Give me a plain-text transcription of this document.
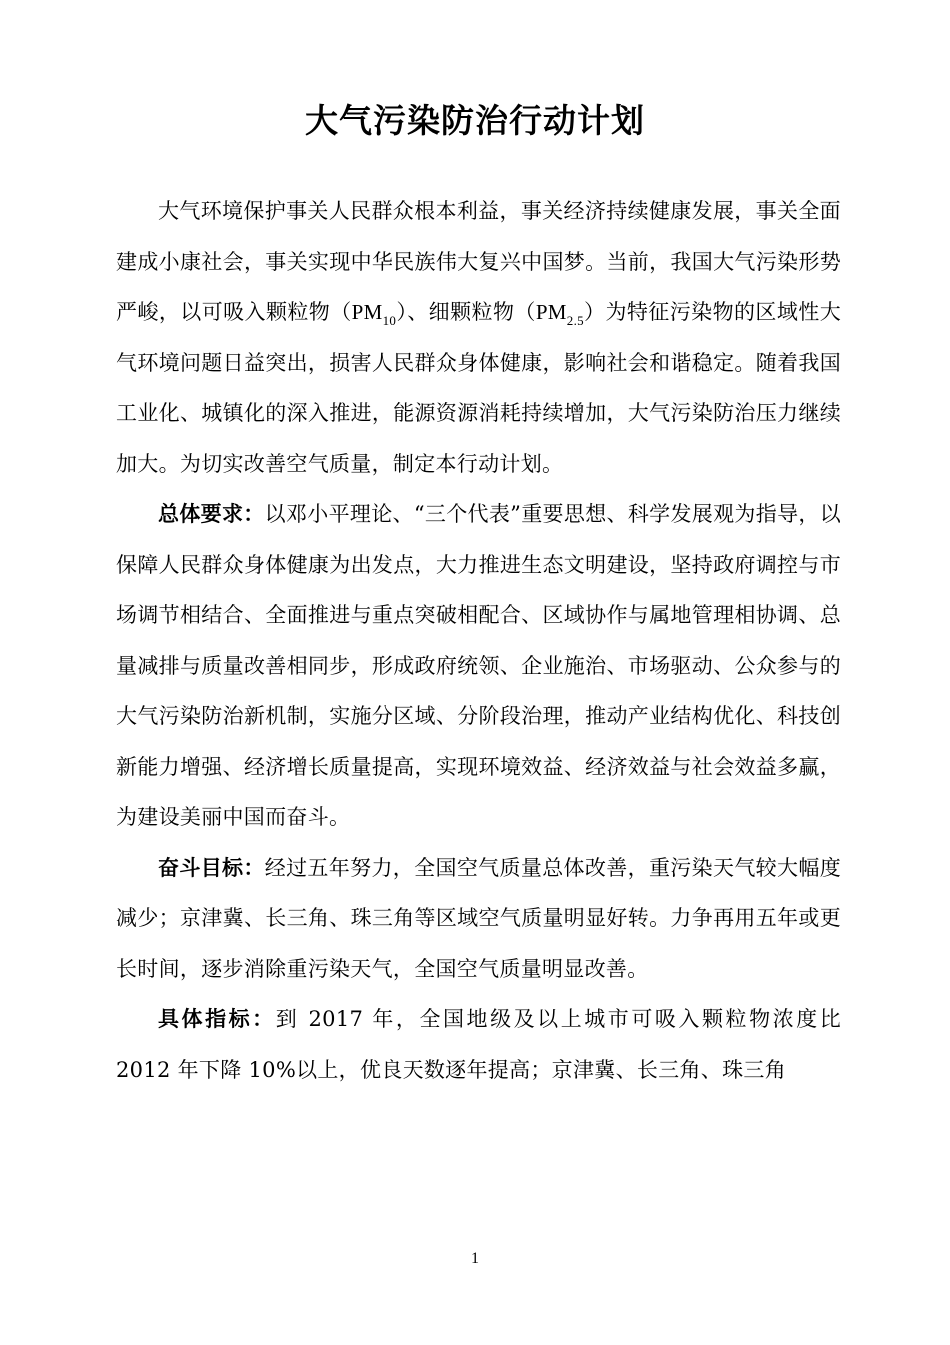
大气污染防治行动计划

大气环境保护事关人民群众根本利益，事关经济持续健康发展，事关全面建成小康社会，事关实现中华民族伟大复兴中国梦。当前，我国大气污染形势严峻，以可吸入颗粒物$(PM_{10})$、细颗粒物$(PM_{2.5})$为特征污染物的区域性大气环境问题日益突出，损害人民群众身体健康，影响社会和谐稳定。随着我国工业化、城镇化的深入推进，能源资源消耗持续增加，大气污染防治压力继续加大。为切实改善空气质量，制定本行动计划。

总体要求：以邓小平理论、“三个代表”重要思想、科学发展观为指导，以保障人民群众身体健康为出发点，大力推进生态文明建设，坚持政府调控与市场调节相结合、全面推进与重点突破相配合、区域协作与属地管理相协调、总量减排与质量改善相同步，形成政府统领、企业施治、市场驱动、公众参与的大气污染防治新机制，实施分区域、分阶段治理，推动产业结构优化、科技创新能力增强、经济增长质量提高，实现环境效益、经济效益与社会效益多赢，为建设美丽中国而奋斗。

奋斗目标：经过五年努力，全国空气质量总体改善，重污染天气较大幅度减少；京津冀、长三角、珠三角等区域空气质量明显好转。力争再用五年或更长时间，逐步消除重污染天气，全国空气质量明显改善。

具体指标：到 2017 年，全国地级及以上城市可吸入颗粒物浓度比 2012 年下降 10%以上，优良天数逐年提高；京津冀、长三角、珠三角

1
